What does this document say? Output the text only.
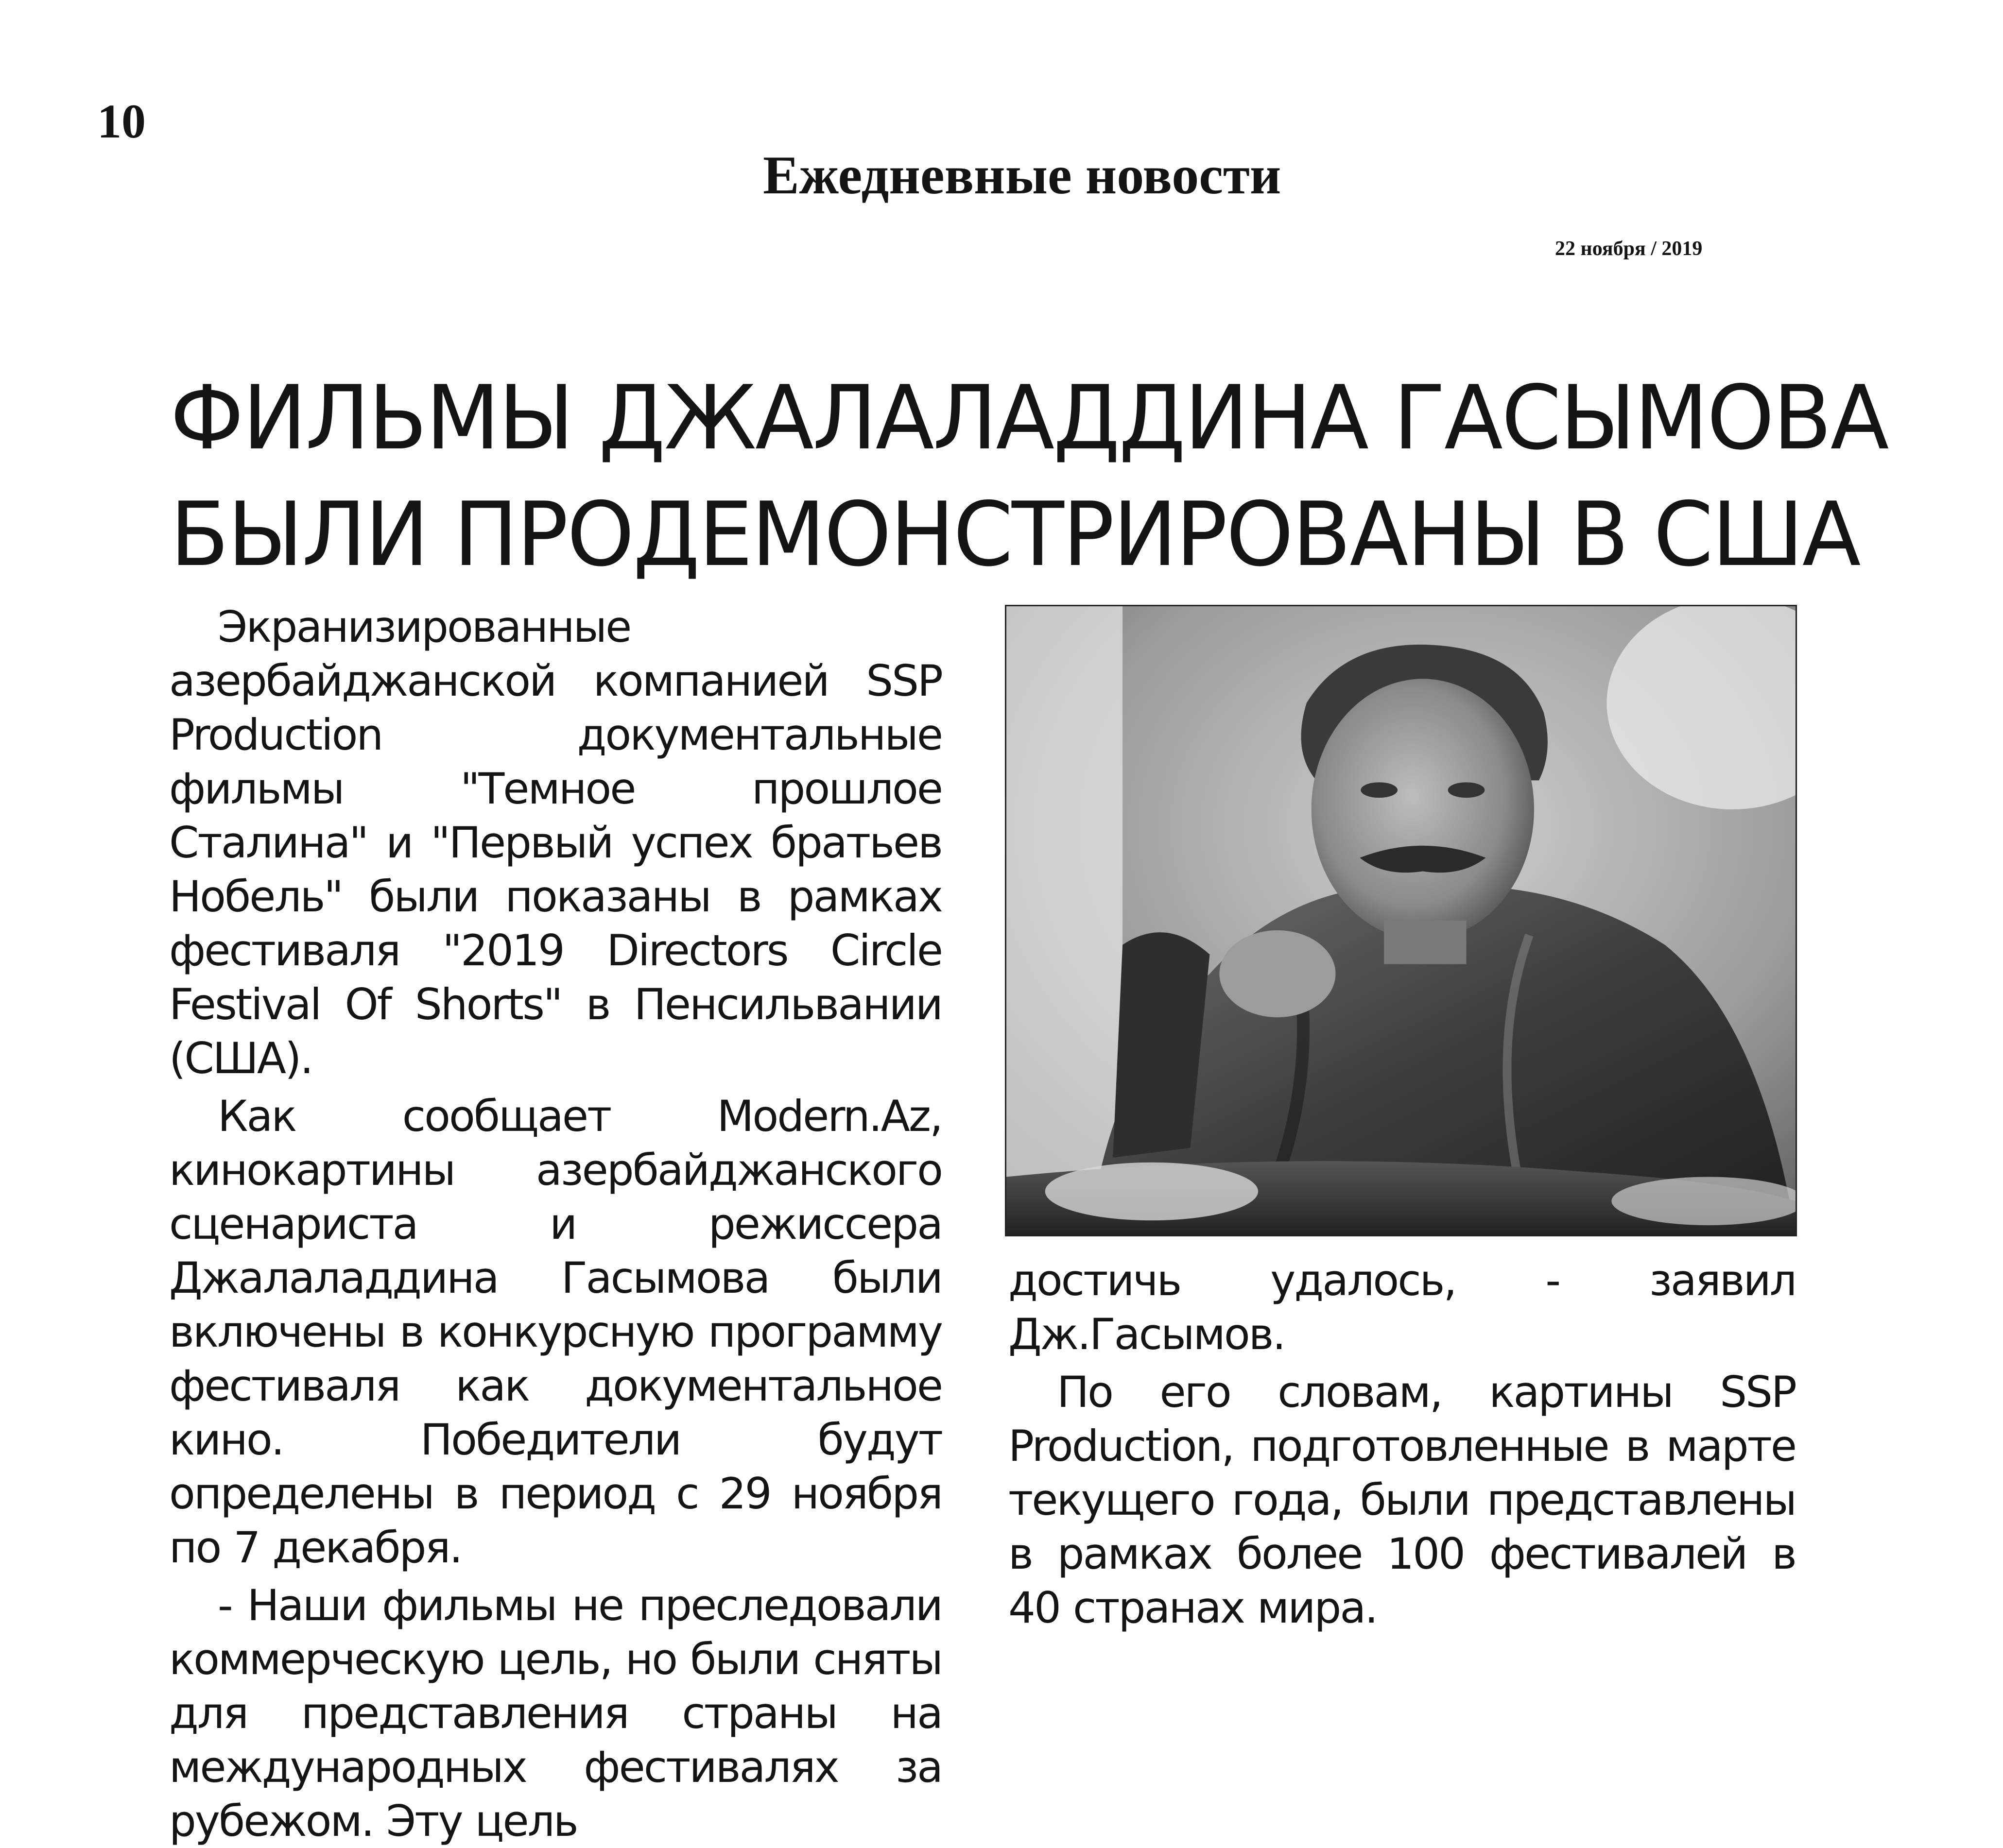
10
Ежедневные новости
22 ноября / 2019
ФИЛЬМЫ ДЖАЛАЛАДДИНА ГАСЫМОВА
БЫЛИ ПРОДЕМОНСТРИРОВАНЫ В США

Экранизированные азербайджанской компанией SSP Production документальные фильмы "Темное прошлое Сталина" и "Первый успех братьев Нобель" были показаны в рамках фестиваля "2019 Directors Circle Festival Of Shorts" в Пенсильвании (США).

Как сообщает Modern.Az, кинокартины азербайджанского сценариста и режиссера Джалаладдина Гасымова были включены в конкурсную программу фестиваля как документальное кино. Победители будут определены в период с 29 ноября по 7 декабря.

- Наши фильмы не преследовали коммерческую цель, но были сняты для представления страны на международных фестивалях за рубежом. Эту цель

достичь удалось, - заявил Дж.Гасымов.

По его словам, картины SSP Production, подготовленные в марте текущего года, были представлены в рамках более 100 фестивалей в 40 странах мира.
